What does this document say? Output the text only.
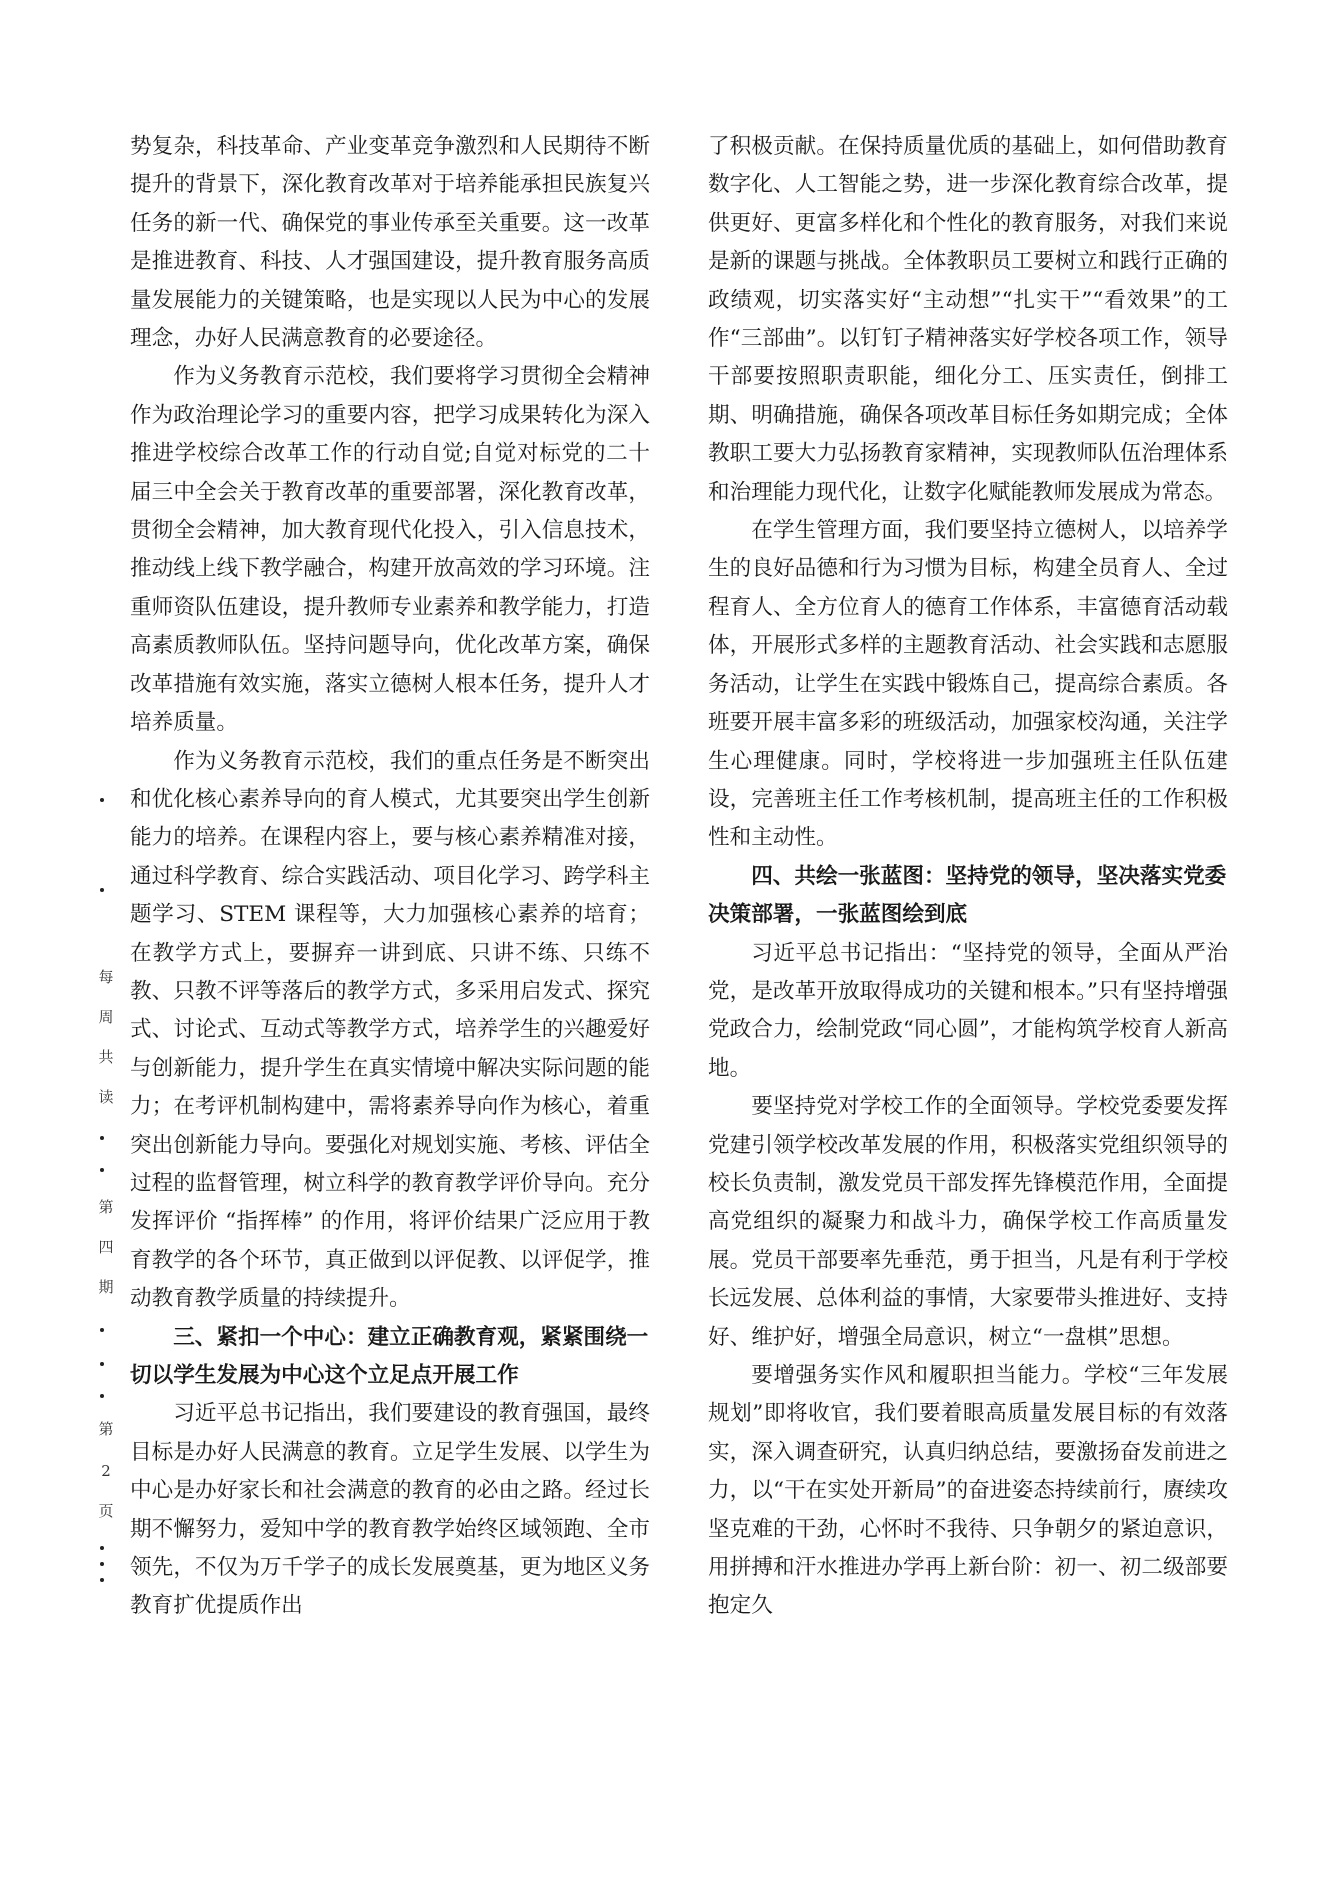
势复杂，科技革命、产业变革竞争激烈和人民期待不断提升的背景下，深化教育改革对于培养能承担民族复兴任务的新一代、确保党的事业传承至关重要。这一改革是推进教育、科技、人才强国建设，提升教育服务高质量发展能力的关键策略，也是实现以人民为中心的发展理念，办好人民满意教育的必要途径。

作为义务教育示范校，我们要将学习贯彻全会精神作为政治理论学习的重要内容，把学习成果转化为深入推进学校综合改革工作的行动自觉;自觉对标党的二十届三中全会关于教育改革的重要部署，深化教育改革，贯彻全会精神，加大教育现代化投入，引入信息技术，推动线上线下教学融合，构建开放高效的学习环境。注重师资队伍建设，提升教师专业素养和教学能力，打造高素质教师队伍。坚持问题导向，优化改革方案，确保改革措施有效实施，落实立德树人根本任务，提升人才培养质量。

作为义务教育示范校，我们的重点任务是不断突出和优化核心素养导向的育人模式，尤其要突出学生创新能力的培养。在课程内容上，要与核心素养精准对接，通过科学教育、综合实践活动、项目化学习、跨学科主题学习、STEM 课程等，大力加强核心素养的培育；在教学方式上，要摒弃一讲到底、只讲不练、只练不教、只教不评等落后的教学方式，多采用启发式、探究式、讨论式、互动式等教学方式，培养学生的兴趣爱好与创新能力，提升学生在真实情境中解决实际问题的能力；在考评机制构建中，需将素养导向作为核心，着重突出创新能力导向。要强化对规划实施、考核、评估全过程的监督管理，树立科学的教育教学评价导向。充分发挥评价 “指挥棒” 的作用，将评价结果广泛应用于教育教学的各个环节，真正做到以评促教、以评促学，推动教育教学质量的持续提升。

三、紧扣一个中心：建立正确教育观，紧紧围绕一切以学生发展为中心这个立足点开展工作

习近平总书记指出，我们要建设的教育强国，最终目标是办好人民满意的教育。立足学生发展、以学生为中心是办好家长和社会满意的教育的必由之路。经过长期不懈努力，爱知中学的教育教学始终区域领跑、全市领先，不仅为万千学子的成长发展奠基，更为地区义务教育扩优提质作出

了积极贡献。在保持质量优质的基础上，如何借助教育数字化、人工智能之势，进一步深化教育综合改革，提供更好、更富多样化和个性化的教育服务，对我们来说是新的课题与挑战。全体教职员工要树立和践行正确的政绩观，切实落实好“主动想”“扎实干”“看效果”的工作“三部曲”。以钉钉子精神落实好学校各项工作，领导干部要按照职责职能，细化分工、压实责任，倒排工期、明确措施，确保各项改革目标任务如期完成；全体教职工要大力弘扬教育家精神，实现教师队伍治理体系和治理能力现代化，让数字化赋能教师发展成为常态。

在学生管理方面，我们要坚持立德树人，以培养学生的良好品德和行为习惯为目标，构建全员育人、全过程育人、全方位育人的德育工作体系，丰富德育活动载体，开展形式多样的主题教育活动、社会实践和志愿服务活动，让学生在实践中锻炼自己，提高综合素质。各班要开展丰富多彩的班级活动，加强家校沟通，关注学生心理健康。同时，学校将进一步加强班主任队伍建设，完善班主任工作考核机制，提高班主任的工作积极性和主动性。

四、共绘一张蓝图：坚持党的领导，坚决落实党委决策部署，一张蓝图绘到底

习近平总书记指出：“坚持党的领导，全面从严治党，是改革开放取得成功的关键和根本。”只有坚持增强党政合力，绘制党政“同心圆”，才能构筑学校育人新高地。

要坚持党对学校工作的全面领导。学校党委要发挥党建引领学校改革发展的作用，积极落实党组织领导的校长负责制，激发党员干部发挥先锋模范作用，全面提高党组织的凝聚力和战斗力，确保学校工作高质量发展。党员干部要率先垂范，勇于担当，凡是有利于学校长远发展、总体利益的事情，大家要带头推进好、支持好、维护好，增强全局意识，树立“一盘棋”思想。

要增强务实作风和履职担当能力。学校“三年发展规划”即将收官，我们要着眼高质量发展目标的有效落实，深入调查研究，认真归纳总结，要激扬奋发前进之力，以“干在实处开新局”的奋进姿态持续前行，赓续攻坚克难的干劲，心怀时不我待、只争朝夕的紧迫意识，用拼搏和汗水推进办学再上新台阶：初一、初二级部要抱定久

每
周
共
读
第
四
期
第
2
页
